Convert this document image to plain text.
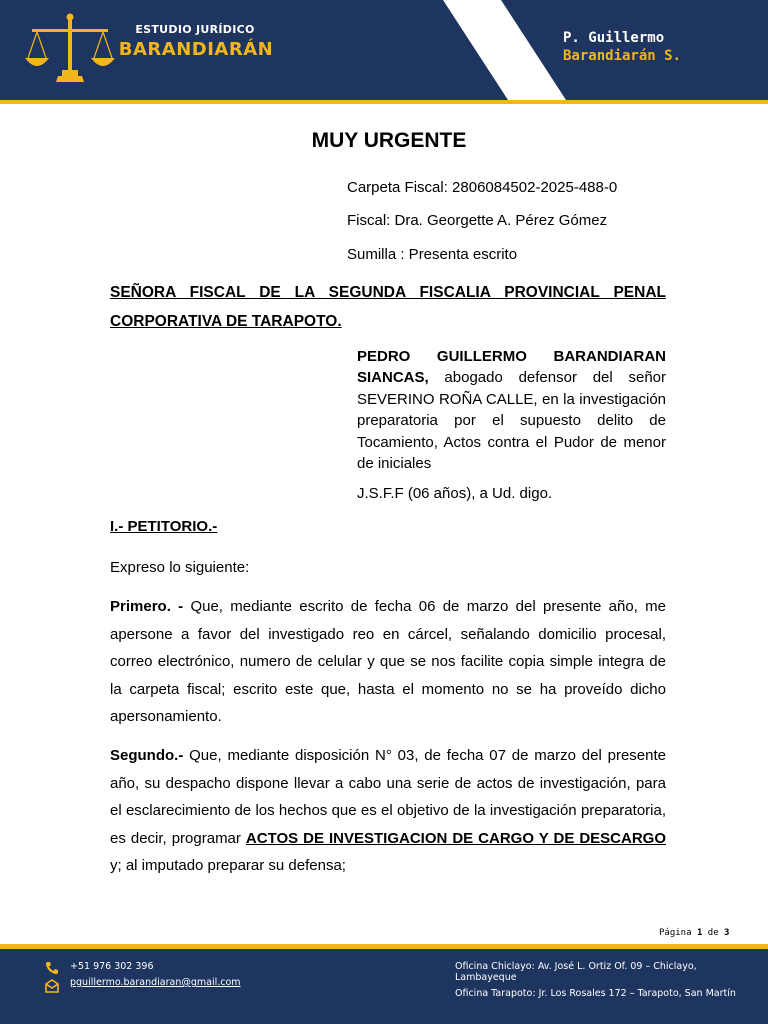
ESTUDIO JURÍDICO
BARANDIARÁN
P. Guillermo
Barandiarán S.
MUY URGENTE
Carpeta Fiscal: 2806084502-2025-488-0
Fiscal: Dra. Georgette A. Pérez Gómez
Sumilla : Presenta escrito
SEÑORA FISCAL DE LA SEGUNDA FISCALIA PROVINCIAL PENAL CORPORATIVA DE TARAPOTO.
PEDRO GUILLERMO BARANDIARAN SIANCAS, abogado defensor del señor SEVERINO ROÑA CALLE, en la investigación preparatoria por el supuesto delito de Tocamiento, Actos contra el Pudor de menor de iniciales
J.S.F.F (06 años), a Ud. digo.
I.- PETITORIO.-
Expreso lo siguiente:
Primero. - Que, mediante escrito de fecha 06 de marzo del presente año, me apersone a favor del investigado reo en cárcel, señalando domicilio procesal, correo electrónico, numero de celular y que se nos facilite copia simple integra de la carpeta fiscal; escrito este que, hasta el momento no se ha proveído dicho apersonamiento.
Segundo.- Que, mediante disposición N° 03, de fecha 07 de marzo del presente año, su despacho dispone llevar a cabo una serie de actos de investigación, para el esclarecimiento de los hechos que es el objetivo de la investigación preparatoria, es decir, programar ACTOS DE INVESTIGACION DE CARGO Y DE DESCARGO y; al imputado preparar su defensa;
Página 1 de 3
+51 976 302 396
pguillermo.barandiaran@gmail.com
Oficina Chiclayo: Av. José L. Ortiz Of. 09 – Chiclayo, Lambayeque
Oficina Tarapoto: Jr. Los Rosales 172 – Tarapoto, San Martín
